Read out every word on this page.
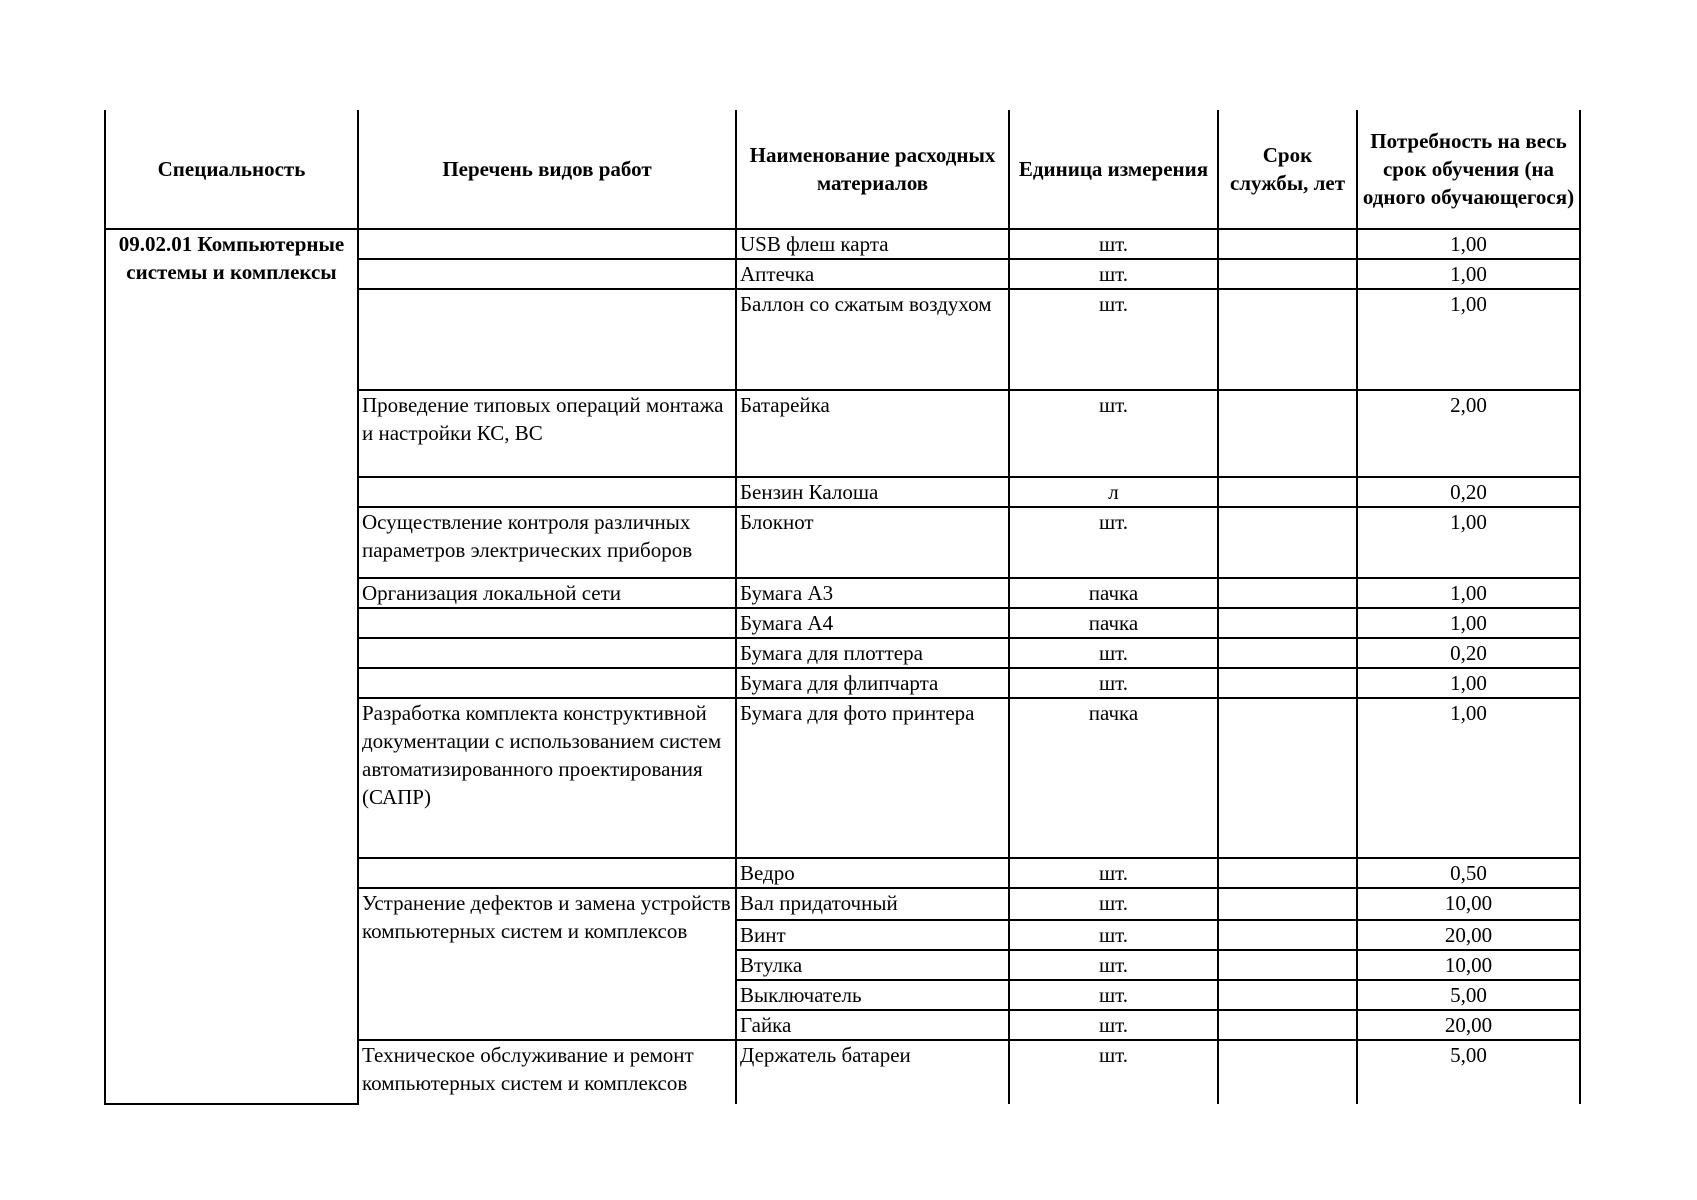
Специальность	Перечень видов работ	Наименование расходных материалов	Единица измерения	Срок службы, лет	Потребность на весь срок обучения (на одного обучающегося)
09.02.01 Компьютерные системы и комплексы		USB флеш карта	шт.		1,00
		Аптечка	шт.		1,00
		Баллон со сжатым воздухом	шт.		1,00
	Проведение типовых операций монтажа и настройки КС, ВС	Батарейка	шт.		2,00
		Бензин Калоша	л		0,20
	Осуществление контроля различных параметров электрических приборов	Блокнот	шт.		1,00
	Организация локальной сети	Бумага А3	пачка		1,00
		Бумага А4	пачка		1,00
		Бумага для плоттера	шт.		0,20
		Бумага для флипчарта	шт.		1,00
	Разработка комплекта конструктивной документации с использованием систем автоматизированного проектирования (САПР)	Бумага для фото принтера	пачка		1,00
		Ведро	шт.		0,50
	Устранение дефектов и замена устройств компьютерных систем и комплексов	Вал придаточный	шт.		10,00
		Винт	шт.		20,00
		Втулка	шт.		10,00
		Выключатель	шт.		5,00
		Гайка	шт.		20,00
	Техническое обслуживание и ремонт компьютерных систем и комплексов	Держатель батареи	шт.		5,00
